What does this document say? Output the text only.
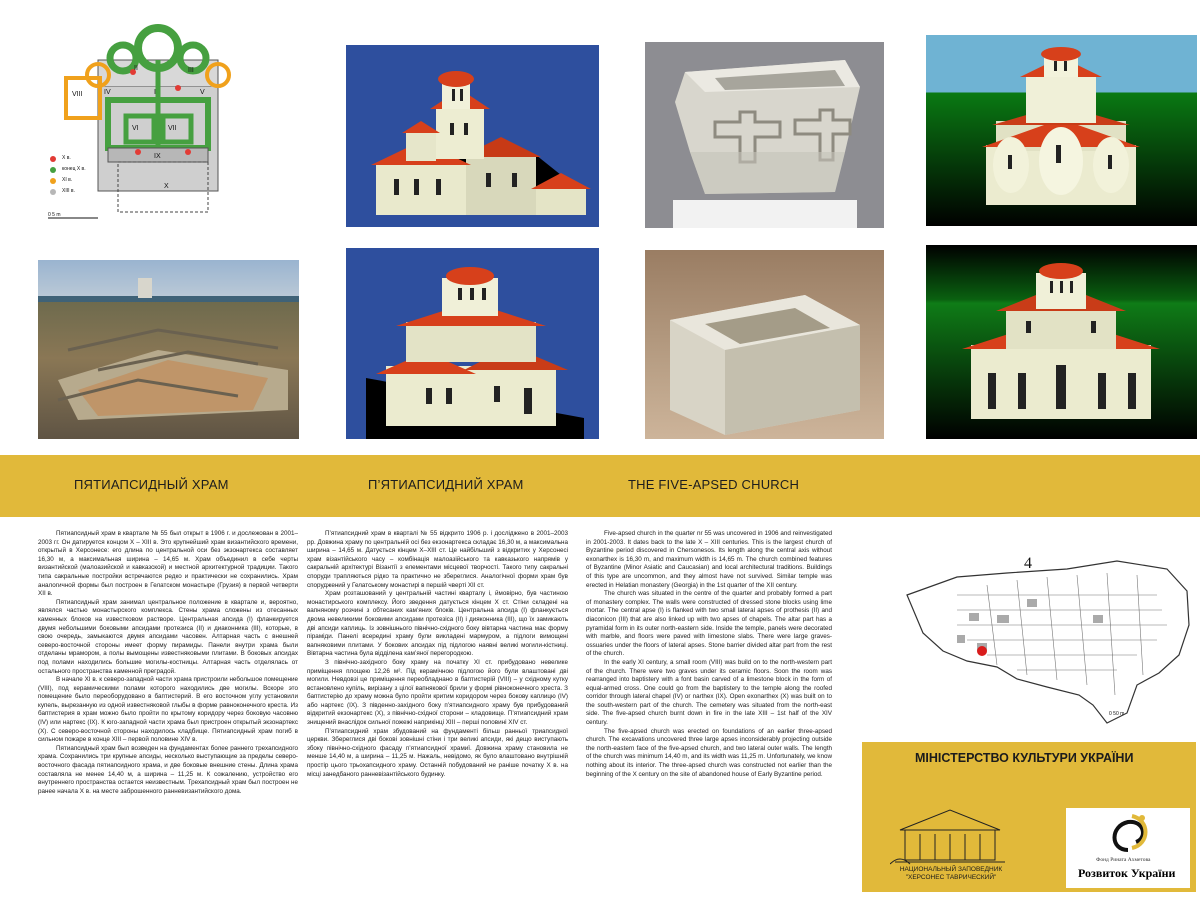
II
I
III
IV
VIII	V
VI	VII
IX
X
X в.
конец X в.
XI в.
XIII в.
0 5 m
ПЯТИАПСИДНЫЙ ХРАМ	П’ЯТИАПСИДНИЙ ХРАМ	THE FIVE-APSED CHURCH

Пятиапсидный храм в квартале № 55 был открыт в 1906 г. и дослежован в 2001–2003 гг. Он датируется концом X – XIII в. Это крупнейший храм византийского времени, открытый в Херсонесе: его длина по центральной оси без экзонартекса составляет 16,30 м, а максимальная ширина – 14,65 м. Храм объединил в себе черты византийской (малоазийской и кавказской) и местной архитектурной традиции. Такого типа сакральные постройки встречаются редко и практически не сохранились. Храм аналогичной формы был построен в Гелатском монастыре (Грузия) в первой четверти XII в.

Пятиапсидный храм занимал центральное положение в квартале и, вероятно, являлся частью монастырского комплекса. Стены храма сложены из отесанных каменных блоков на известковом растворе. Центральная апсида (I) фланкируется двумя небольшими боковыми апсидами протезиса (II) и диаконника (III), которые, в свою очередь, замыкаются двумя апсидами часовен. Алтарная часть с внешней северо-восточной стороны имеет форму пирамиды. Панели внутри храма были отделаны мрамором, а полы вымощены известняковыми плитами. В боковых апсидах под полами находились большие могилы-костницы. Алтарная часть отделялась от остального пространства каменной преградой.

В начале XI в. к северо-западной части храма пристроили небольшое помещение (VIII), под керамическими полами которого находились две могилы. Вскоре это помещение было переоборудовано в баптистерий. В его восточном углу установили купель, вырезанную из одной известняковой глыбы в форме равноконечного креста. Из баптистерия в храм можно было пройти по крытому коридору через боковую часовню (IV) или нартекс (IX). К юго-западной части храма был пристроен открытый экзонартекс (X). С северо-восточной стороны находилось кладбище. Пятиапсидный храм погиб в сильном пожаре в конце XIII – первой половине XIV в.

Пятиапсидный храм был возведен на фундаментах более раннего трехапсидного храма. Сохранились три крупные апсиды, несколько выступающие за пределы северо-восточного фасада пятиапсидного храма, и две боковые внешние стены. Длина храма составляла не менее 14,40 м, а ширина – 11,25 м. К сожалению, устройство его внутреннего пространства остается неизвестным. Трехапсидный храм был построен не ранее начала X в. на месте заброшенного ранневизантийского дома.

П’ятиапсидний храм в кварталі № 55 відкрито 1906 р. і досліджено в 2001–2003 рр. Довжина храму по центральній осі без екзонартекса складає 16,30 м, а максимальна ширина – 14,65 м. Датується кінцем X–XIII ст. Це найбільший з відкритих у Херсонесі храм візантійського часу – комбінація малоазійського та кавказького напрямів у сакральній архітектурі Візантії з елементами місцевої творчості. Такого типу сакральні споруди трапляються рідко та практично не збереглися. Аналогічної форми храм був споруджений у Гелатському монастирі в першій чверті XII ст.

Храм розташований у центральній частині кварталу і, ймовірно, був частиною монастирського комплексу. Його зведення датується кінцем X ст. Стіни складені на вапняному розчині з обтесаних кам’яних блоків. Центральна апсида (I) фланкується двома невеликими боковими апсидами протезіса (II) і дияконника (III), що їх замикають дві апсиди каплиць. Із зовнішнього північно-східного боку вівтарна частина має форму піраміди. Панелі всередині храму були викладені мармуром, а підлоги вимощені вапняковими плитами. У бокових апсидах під підлогою наявні великі могили-кістниці. Вівтарна частина була відділена кам’яної перегородкою.

З північно-західного боку храму на початку XI ст. прибудовано невелике приміщення площею 12,26 м². Під керамічною підлогою його були влаштовані дві могили. Невдовзі це приміщення переобладнано в баптистерій (VIII) – у східному кутку встановлено купіль, вирізану з цілої вапнякової брили у формі рівноконечного хреста. З баптистерію до храму можна було пройти критим коридором через бокову каплицю (IV) або нартекс (IX). З південно-західного боку п’ятиапсидного храму був прибудований відкритий екзонартекс (X), з північно-східної сторони – кладовище. П’ятиапсидний храм знищений внаслідок сильної пожежі наприкінці XIII – перші половині XIV ст.

П’ятиапсидний храм збудований на фундаменті більш ранньої триапсидної церкви. Збереглися дві бокові зовнішні стіни і три великі апсиди, які дещо виступають збоку північно-східного фасаду п’ятиапсидної храмиї. Довжина храму становила не менше 14,40 м, а ширина – 11,25 м. Нажаль, невідомо, як було влаштовано внутрішній простір цього трьохапсидного храму. Останній побудований не раніше початку X в. на місці занедбаного ранневізантійського будинку.

Five-apsed church in the quarter nr 55 was uncovered in 1906 and reinvestigated in 2001-2003. It dates back to the late X – XIII centuries. This is the largest church of Byzantine period discovered in Chersonesos. Its length along the central axis without exonarthex is 16,30 m, and maximum width is 14,65 m. The church combined features of Byzantine (Minor Asiatic and Caucasian) and local architectural traditions. Buildings of this type are uncommon, and they almost have not survived. Similar temple was erected in Helatian monastery (Georgia) in the 1st quarter of the XII century.

The church was situated in the centre of the quarter and probably formed a part of monastery complex. The walls were constructed of dressed stone blocks using lime mortar. The central apse (I) is flanked with two small lateral apses of prothesis (II) and diaconicon (III) that are also linked up with two apses of chapels. The altar part has a pyramidal form in its outer north-eastern side. Inside the temple, panels were decorated with marble, and floors were paved with limestone slabs. There were large graves-ossuaries under the floors of lateral apses. Stone barrier divided altar part from the rest of the church.

In the early XI century, a small room (VIII) was build on to the north-western part of the church. There were two graves under its ceramic floors. Soon the room was rearranged into baptistery with a font basin carved of a limestone block in the form of equal-armed cross. One could go from the baptistery to the temple along the roofed corridor through lateral chapel (IV) or narthex (IX). Open exonarthex (X) was built on to the south-western part of the church. The cemetery was situated from the north-east side. The five-apsed church burnt down in fire in the late XIII – 1st half of the XIV century.

The five-apsed church was erected on foundations of an earlier three-apsed church. The excavations uncovered three large apses inconsiderably projecting outside the north-eastern face of the five-apsed church, and two lateral outer walls. The length of the church was minimum 14,40 m, and its width was 11,25 m. Unfortunately, we know nothing about its interior. The three-apsed church was constructed not earlier than the beginning of the X century on the site of abandoned house of Early Byzantine period.

4
0 50 m
МІНІСТЕРСТВО КУЛЬТУРИ УКРАЇНИ
НАЦИОНАЛЬНЫЙ ЗАПОВЕДНИК
"ХЕРСОНЕС ТАВРИЧЕСКИЙ"
Фонд Рината Ахметова
Розвиток України
